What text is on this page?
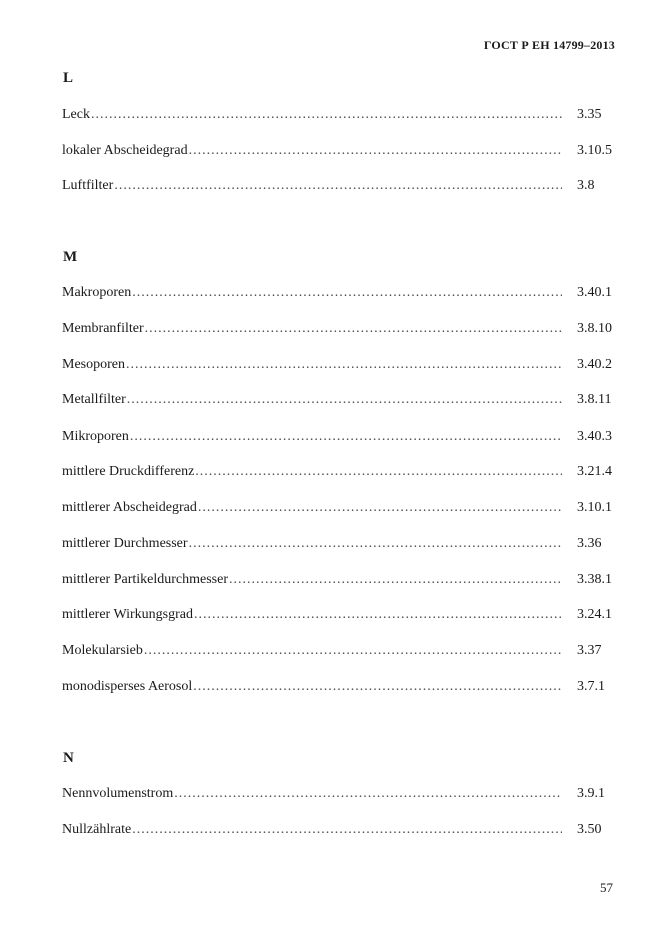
ГОСТ Р ЕН 14799–2013
L
Leck .....	3.35
lokaler Abscheidegrad .....	3.10.5
Luftfilter .....	3.8
M
Makroporen .....	3.40.1
Membranfilter .....	3.8.10
Mesoporen .....	3.40.2
Metallfilter .....	3.8.11
Mikroporen .....	3.40.3
mittlere Druckdifferenz .....	3.21.4
mittlerer Abscheidegrad .....	3.10.1
mittlerer Durchmesser .....	3.36
mittlerer Partikeldurchmesser .....	3.38.1
mittlerer Wirkungsgrad .....	3.24.1
Molekularsieb .....	3.37
monodisperses Aerosol .....	3.7.1
N
Nennvolumenstrom .....	3.9.1
Nullzählrate .....	3.50
57
